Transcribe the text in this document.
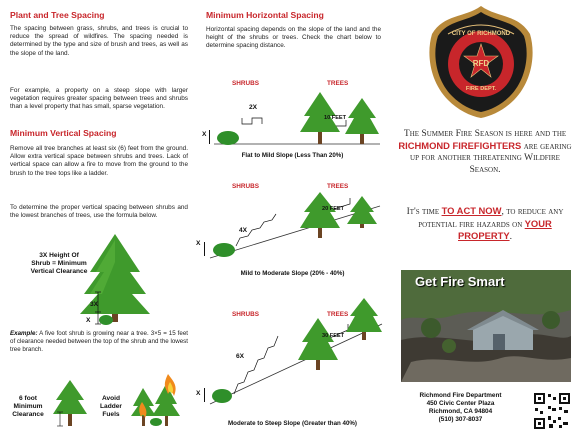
Plant and Tree Spacing

The spacing between grass, shrubs, and trees is crucial to reduce the spread of wildfires. The spacing needed is determined by the type and size of brush and trees, as well as the slope of the land.

For example, a property on a steep slope with larger vegetation requires greater spacing between trees and shrubs than a level property that has small, sparse vegetation.

Minimum Vertical Spacing

Remove all tree branches at least six (6) feet from the ground. Allow extra vertical space between shrubs and trees. Lack of vertical space can allow a fire to move from the ground to the brush to the tree tops like a ladder.

To determine the proper vertical spacing between shrubs and the lowest branches of trees, use the formula below.

3X Height Of Shrub = Minimum Vertical Clearance
3X
X

Example: A five foot shrub is growing near a tree. 3×5 = 15 feet of clearance needed between the top of the shrub and the lowest tree branch.

6 foot Minimum Clearance
Avoid Ladder Fuels
Minimum Horizontal Spacing

Horizontal spacing depends on the slope of the land and the height of the shrubs or trees. Check the chart below to determine spacing distance.

SHRUBS	TREES
2X
X
10 FEET
Flat to Mild Slope (Less Than 20%)
SHRUBS	TREES
4X
X
20 FEET
Mild to Moderate Slope (20% - 40%)
SHRUBS	TREES
6X
X
30 FEET
Moderate to Steep Slope (Greater than 40%)
CITY OF RICHMOND
RFD
FIRE DEPT.
The Summer Fire Season is here and the RICHMOND FIREFIGHTERS are gearing up for another threatening Wildfire Season.
It's time TO ACT NOW, to reduce any potential fire hazards on YOUR PROPERTY.
Get Fire Smart
Richmond Fire Department
450 Civic Center Plaza
Richmond, CA 94804
(510) 307-8037
